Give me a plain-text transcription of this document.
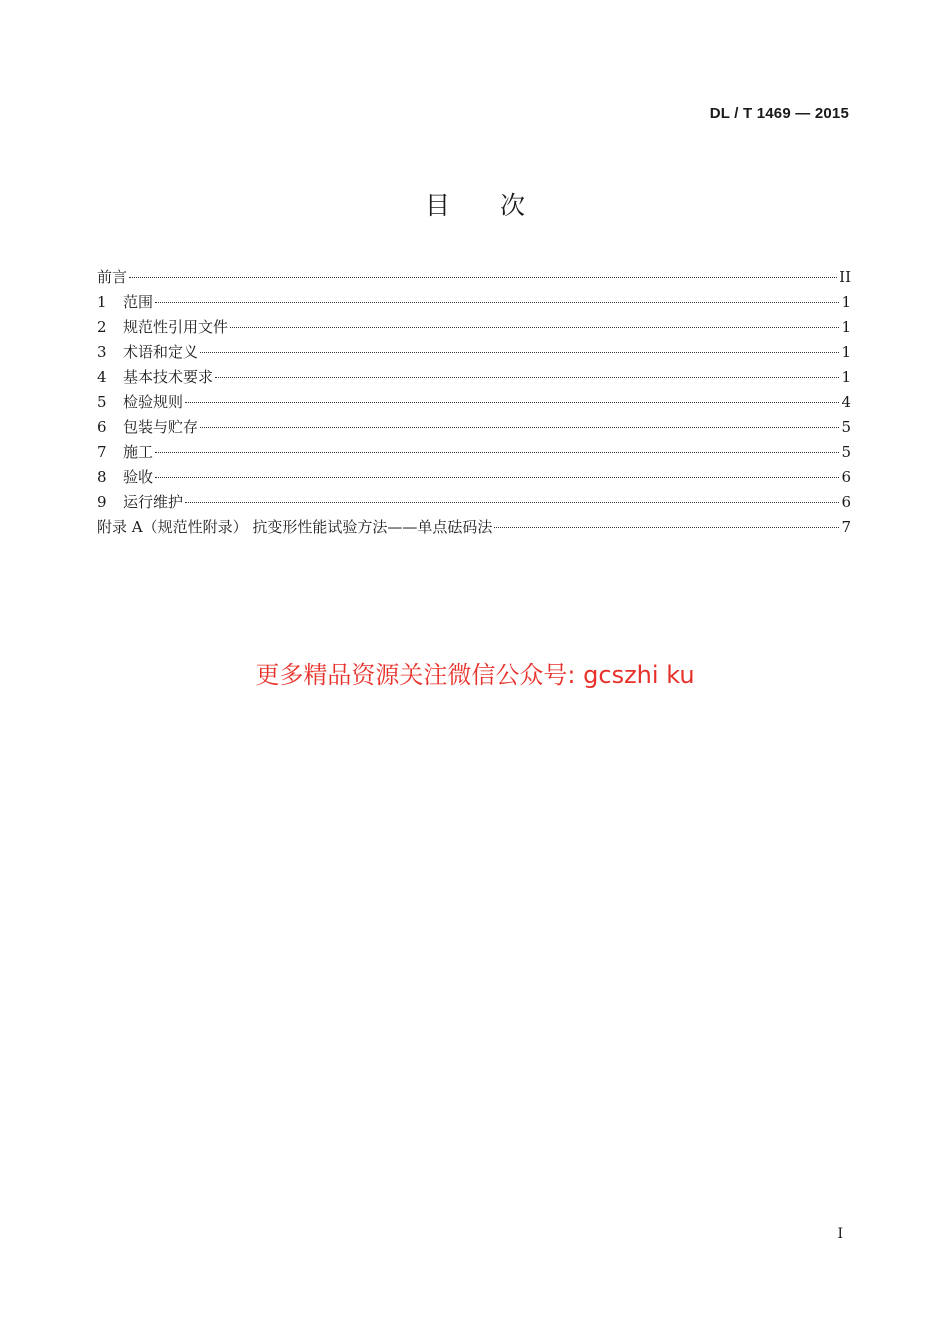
DL / T 1469 — 2015
目　　次
前言	II
1	范围	1
2	规范性引用文件	1
3	术语和定义	1
4	基本技术要求	1
5	检验规则	4
6	包装与贮存	5
7	施工	5
8	验收	6
9	运行维护	6
附录 A（规范性附录） 抗变形性能试验方法——单点砝码法	7
更多精品资源关注微信公众号: gcszhi ku
I
